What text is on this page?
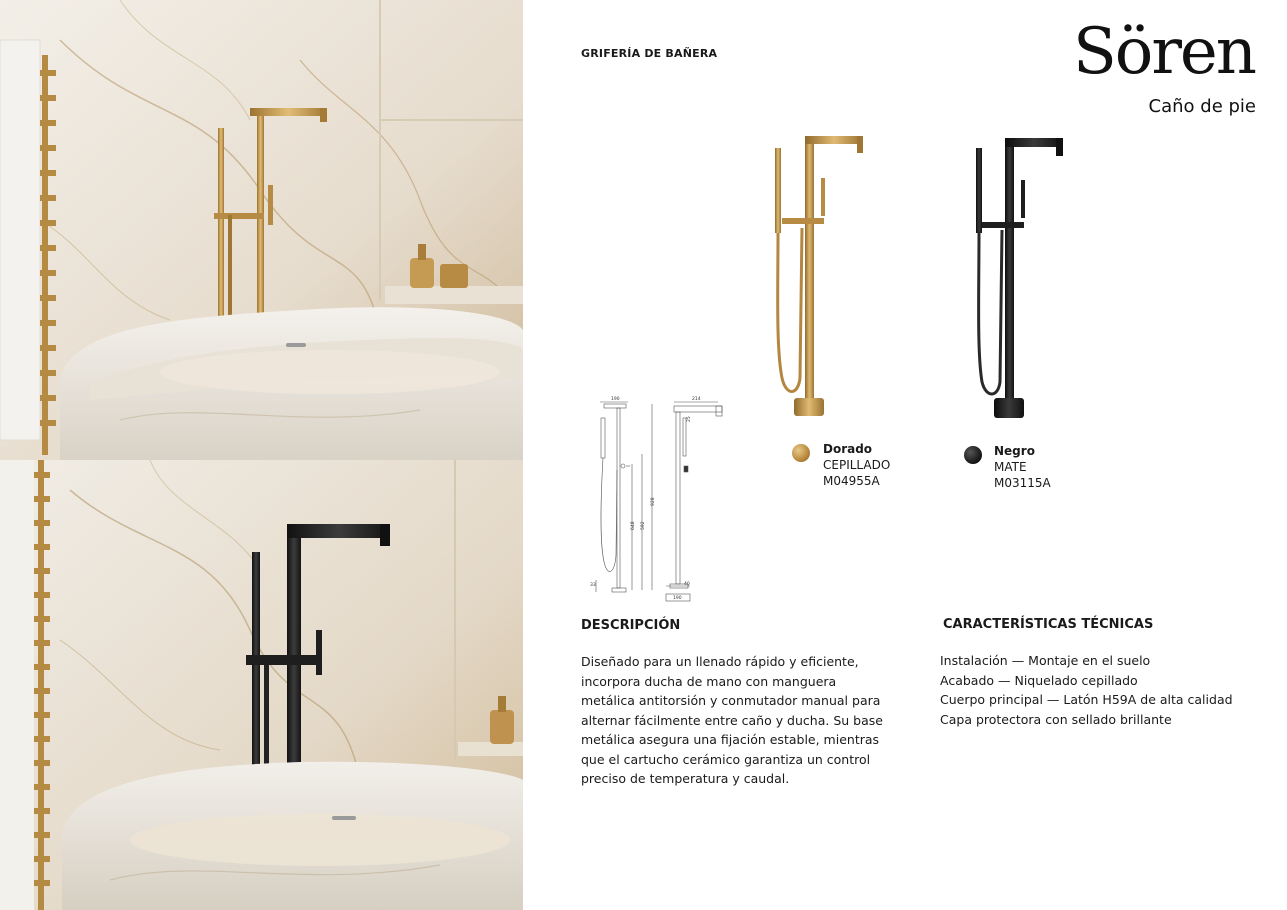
GRIFERÍA DE BAÑERA	Sören
Caño de pie
190
33
648 592
928
214
25
40
190
Dorado
CEPILLADO
M04955A
Negro
MATE
M03115A
DESCRIPCIÓN

Diseñado para un llenado rápido y eficiente, incorpora ducha de mano con manguera metálica antitorsión y conmutador manual para alternar fácilmente entre caño y ducha. Su base metálica asegura una fijación estable, mientras que el cartucho cerámico garantiza un control preciso de temperatura y caudal.

CARACTERÍSTICAS TÉCNICAS
Instalación — Montaje en el suelo
Acabado — Niquelado cepillado
Cuerpo principal — Latón H59A de alta calidad
Capa protectora con sellado brillante
